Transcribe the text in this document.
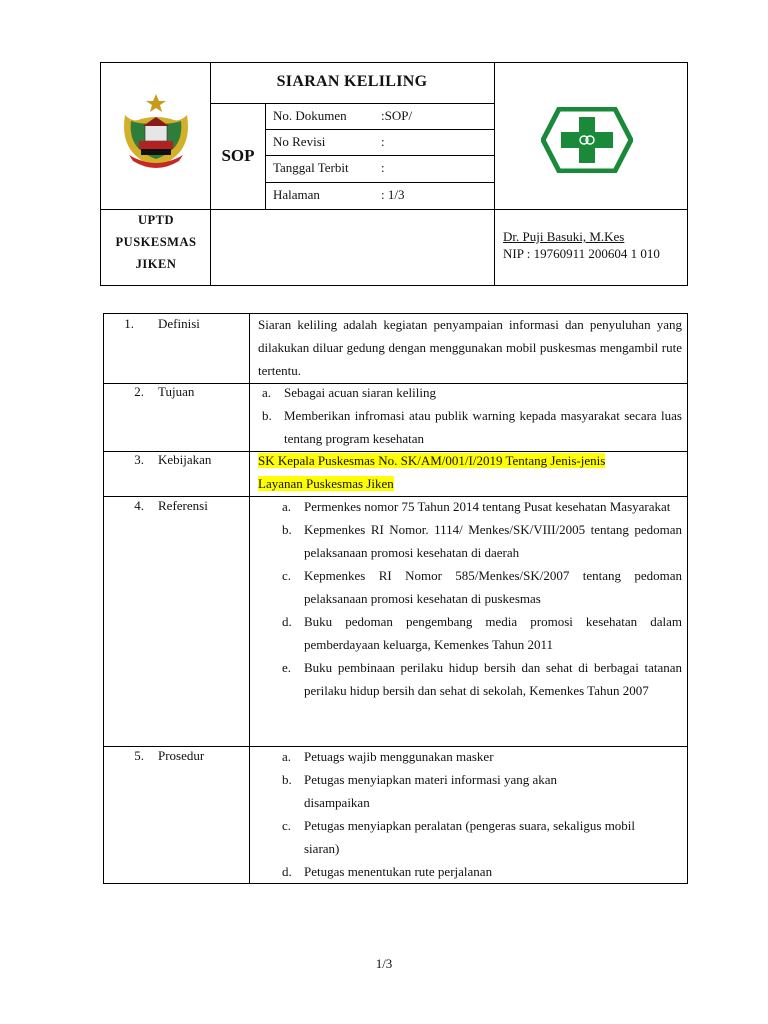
SIARAN KELILING
SOP
No. Dokumen	:SOP/
No Revisi	:
Tanggal Terbit :
Halaman	: 1/3
UPTD
PUSKESMAS
JIKEN
Dr. Puji Basuki, M.Kes
NIP : 19760911 200604 1 010
1. Definisi	Siaran keliling adalah kegiatan penyampaian informasi dan penyuluhan yang dilakukan diluar gedung dengan menggunakan mobil puskesmas mengambil rute tertentu.
2. Tujuan	a. Sebagai acuan siaran keliling
b. Memberikan infromasi atau publik warning kepada masyarakat secara luas tentang program kesehatan
3. Kebijakan	SK Kepala Puskesmas No. SK/AM/001/I/2019 Tentang Jenis-jenis
Layanan Puskesmas Jiken
4. Referensi	a. Permenkes nomor 75 Tahun 2014 tentang Pusat kesehatan Masyarakat
b. Kepmenkes RI Nomor. 1114/ Menkes/SK/VIII/2005 tentang pedoman pelaksanaan promosi kesehatan di daerah
c. Kepmenkes RI Nomor 585/Menkes/SK/2007 tentang pedoman pelaksanaan promosi kesehatan di puskesmas
d. Buku pedoman pengembang media promosi kesehatan dalam pemberdayaan keluarga, Kemenkes Tahun 2011
e. Buku pembinaan perilaku hidup bersih dan sehat di berbagai tatanan perilaku hidup bersih dan sehat di sekolah, Kemenkes Tahun 2007
5. Prosedur	a. Petuags wajib menggunakan masker
b. Petugas menyiapkan materi informasi yang akan disampaikan
c. Petugas menyiapkan peralatan (pengeras suara, sekaligus mobil siaran)
d. Petugas menentukan rute perjalanan
1/3
